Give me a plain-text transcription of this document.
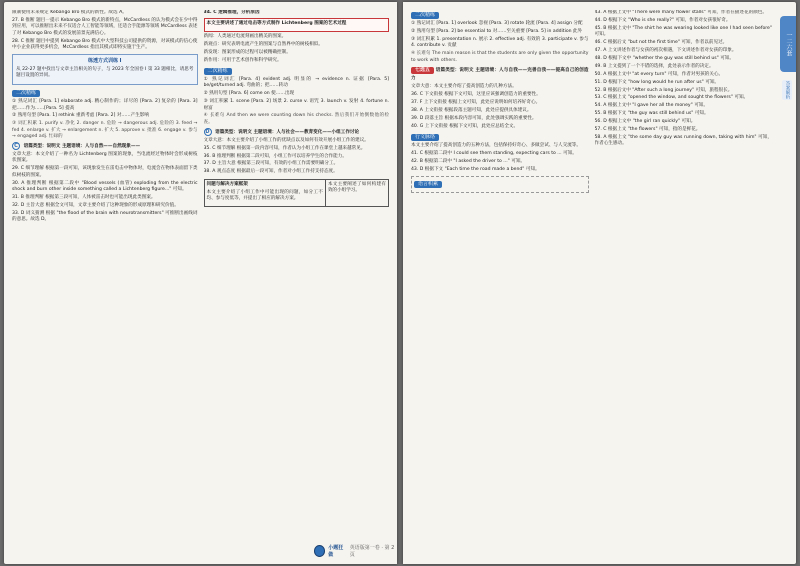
限制使用未来规定 Kebango Bro 模式的新性。故选 A。

27. B 推断 题目一提示 Kebango Bro 模式的新特点，McCardless 的认为模式会在少中得到应用，可以推断出未来不仅适合人工智能等领域，还适合手能源等领域 McCardless 表述了对 Kebango Bro 模式的发展前景充满信心。

28. C 推断 题目中提到 Kebango Bro 模式中大型科技公司提供的资源，对该模式的信心使中小企业获得更多机会，McCardless 指出其模式即将实施于生产。

练透方式训练 I

从 22-27 题中找出与文章主旨相关的句子，与 2023 年全国卷 I 第 33 题相比，请思考题目设置的异同。

二次精练

① 熟记词汇 [Para. 1] elaborate adj. 精心制作的；详尽的 [Para. 2] 复杂的 [Para. 3] 把……作为……[Para. 5] 提高

② 熟用句型 [Para. 1] rethink 重新考虑 [Para. 2] 对……产生影响

③ 词汇积累 1. purify v. 净化 2. danger n. 危险 → dangerous adj. 危险的 3. feed → fed 4. enlarge v. 扩大 → enlargement n. 扩大 5. approve v. 批准 6. engage v. 参与 → engaged adj. 忙碌的

C 语篇类型：说明文 主题语境：人与自然——自然现象——

文章大意：本文介绍了一种名为 Lichtenberg 图案的现象，当电流经过物体时会形成树枝状图案。

29. C 细节理解 根据第一段可知，该现象发生在雷电击中物体时，电流会在物体表面留下类似树枝的图案。

30. A 推理判断 根据第二段中 "Blood vessels (血管) exploding from the electric shock and burn other inside something called a Lichtenberg figure..." 可知。

31. B 推理判断 根据第三段可知，人体被雷击时也可能出现此类图案。

32. D 主旨大意 根据全文可知，文章主要介绍了这种现象的形成原理和研究价值。

33. D 词义猜测 根据 "the flood of the brain with neurotransmitters" 可推断出画线词的意思。故选 D。

34. C 逻辑推理，分析原因

本文主要讲述了通过电击等方式制作 Lichtenberg 图案的艺术过程

新闻：人类通过电流刻画出精美的图案。

新观点：研究表明电流产生的图案与自然界中的树枝相似。

新发现：图案形成的过程可以被精确控制。

新作用：可用于艺术创作和科学研究。

二次精练

① 熟记词汇 [Para. 4] evident adj. 明显的 → evidence n. 证据 [Para. 5] be/get/turned adj. 弯曲的；把……转动

② 熟用句型 [Para. 6] come on 使……出现

③ 词汇积累 1. scene [Para. 2] 场景 2. curse v. 诅咒 3. launch v. 发射 4. fortune n. 财富

④ 长难句 And then we were counting down his checks. 然后我们开始倒数他的检查。

D 语篇类型：说明文 主题语境：人与社会——教育变化——小组工作讨论

文章大意：本文主要介绍了小组工作的优缺点以及如何有效开展小组工作的建议。

35. C 细节理解 根据第一段内容可知，作者认为小组工作在课堂上越来越常见。

36. B 推理判断 根据第二段可知，小组工作可以培养学生的合作能力。

37. D 主旨大意 根据第三段可知，有效的小组工作需要明确分工。

38. A 观点态度 根据最后一段可知，作者对小组工作持支持态度。

问题与解决方案框架

本文主要介绍了小组工作中可能出现的问题，如分工不均、参与度低等，并提出了相应的解决方案。

本文主要阐述了如何构建有效的小组学习。

小题狂做
英语版第一卷 · 第 2 页
二次精练

① 熟记词汇 [Para. 1] overlook 忽视 [Para. 3] rotate 轮流 [Para. 4] assign 分配

② 熟用句型 [Para. 2] be essential to 对……至关重要 [Para. 5] in addition 此外

③ 词汇积累 1. presentation n. 展示 2. effective adj. 有效的 3. participate v. 参与 4. contribute v. 贡献

④ 长难句 The main reason is that the students are only given the opportunity to work with others.

七选五 语篇类型：说明文 主题语境：人与自我——完善自我——提高自己的创造力

文章大意：本文主要介绍了提高创造力的几种方法。

36. C 下文衔接 根据下文可知，这里应该强调创造力的重要性。

37. F 上下文衔接 根据上文可知，此处应说明如何培养好奇心。

38. A 上文衔接 根据段落主题可知，此处应提供具体建议。

39. D 段落主旨 根据本段内容可知，此处强调实践的重要性。

40. G 上下文衔接 根据下文可知，此处应总结全文。

行文脉络

本文主要介绍了提高创造力的五种方法，包括保持好奇心、多做尝试、与人交流等。

41. C 根据第二段中 I could see them standing, expecting cars to ... 可知。

42. B 根据第二段中 "I asked the driver to ..." 可知。

43. D 根据下文 "Each time the road made a bend" 可知。

语言积累

43. A 根据上文中 "There were many flower stalls" 可知，作者在描述花的颜色。

44. D 根据下文 "Who is she really?" 可知，作者对女孩很好奇。

45. B 根据上文中 "The shirt he was wearing looked like one I had seen before" 可知。

46. C 根据后文 "but not the first time" 可知，作者以前见过。

47. A 上文讲述作者与女孩的初次相遇，下文讲述作者对女孩的印象。

48. D 根据下文中 "whether the guy was still behind us" 可知。

49. B 上文提到了一个不错的选择，此处表示作者的决定。

50. A 根据上文中 "at every turn" 可知，作者对男孩的关心。

51. D 根据下文 "how long would he run after us" 可知。

52. B 根据后文中 "After such a long journey" 可知，旅程很长。

53. C 根据上文 "opened the window, and sought the flowers" 可知。

54. A 根据上文中 "I gave her all the money" 可知。

55. B 根据下文 "the guy was still behind us" 可知。

56. D 根据上文中 "the girl ran quickly" 可知。

57. C 根据上文 "the flowers" 可知，指的是鲜花。

58. A 根据上文 "the some day guy was running down, taking with him" 可知，作者心生感动。

一二六套
答案解析
